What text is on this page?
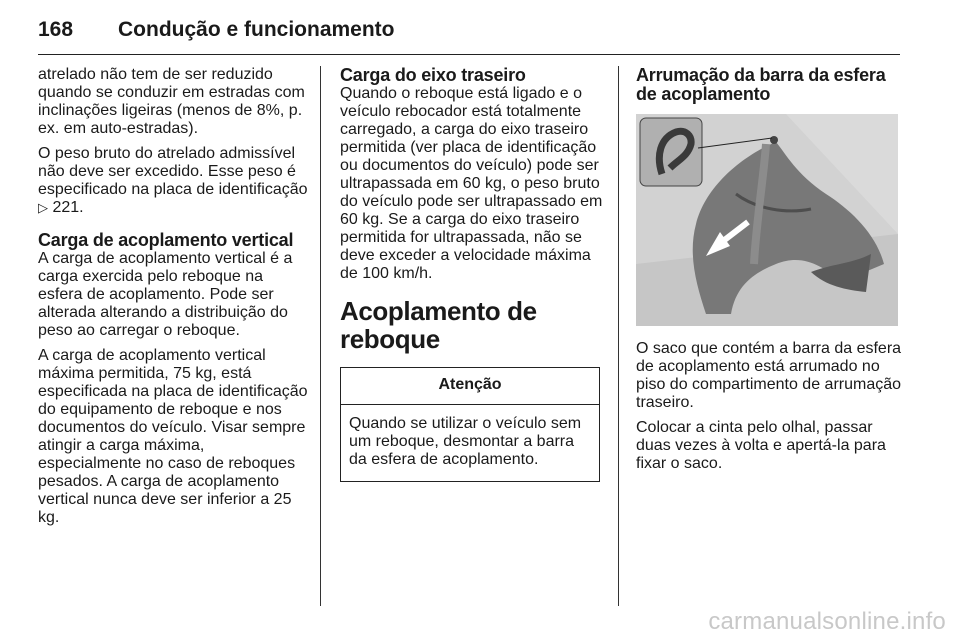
168 Condução e funcionamento

atrelado não tem de ser reduzido quando se conduzir em estradas com inclinações ligeiras (menos de 8%, p. ex. em auto-estradas).

O peso bruto do atrelado admissível não deve ser excedido. Esse peso é especificado na placa de identificação ▷ 221.

Carga de acoplamento vertical

A carga de acoplamento vertical é a carga exercida pelo reboque na esfera de acoplamento. Pode ser alterada alterando a distribuição do peso ao carregar o reboque.

A carga de acoplamento vertical máxima permitida, 75 kg, está especificada na placa de identificação do equipamento de reboque e nos documentos do veículo. Visar sempre atingir a carga máxima, especialmente no caso de reboques pesados. A carga de acoplamento vertical nunca deve ser inferior a 25 kg.

Carga do eixo traseiro

Quando o reboque está ligado e o veículo rebocador está totalmente carregado, a carga do eixo traseiro permitida (ver placa de identificação ou documentos do veículo) pode ser ultrapassada em 60 kg, o peso bruto do veículo pode ser ultrapassado em 60 kg. Se a carga do eixo traseiro permitida for ultrapassada, não se deve exceder a velocidade máxima de 100 km/h.

Acoplamento de reboque
Atenção

Quando se utilizar o veículo sem um reboque, desmontar a barra da esfera de acoplamento.

Arrumação da barra da esfera de acoplamento

O saco que contém a barra da esfera de acoplamento está arrumado no piso do compartimento de arrumação traseiro.

Colocar a cinta pelo olhal, passar duas vezes à volta e apertá-la para fixar o saco.

carmanualsonline.info
